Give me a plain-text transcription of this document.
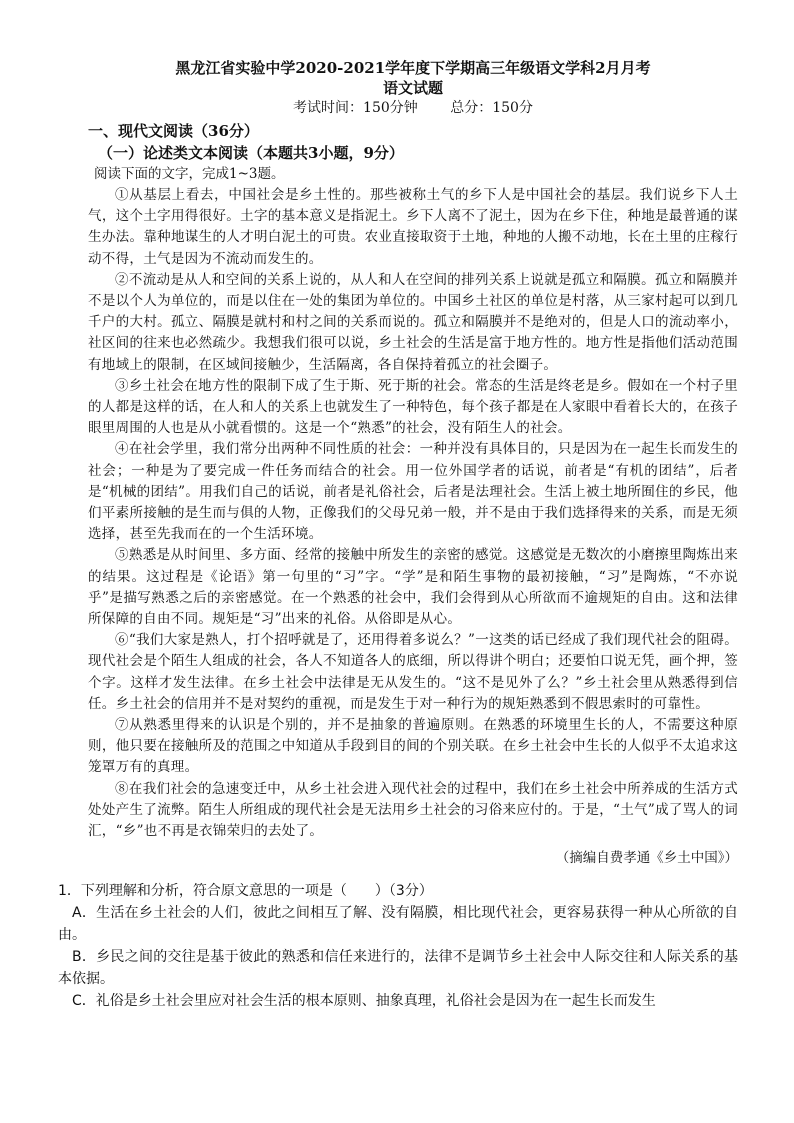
黑龙江省实验中学2020-2021学年度下学期高三年级语文学科2月月考

语文试题

考试时间：150分钟 总分：150分

一、现代文阅读（36分）

（一）论述类文本阅读（本题共3小题，9分）

阅读下面的文字，完成1~3题。

①从基层上看去，中国社会是乡土性的。那些被称土气的乡下人是中国社会的基层。我们说乡下人土气，这个土字用得很好。土字的基本意义是指泥土。乡下人离不了泥土，因为在乡下住，种地是最普通的谋生办法。靠种地谋生的人才明白泥土的可贵。农业直接取资于土地，种地的人搬不动地，长在土里的庄稼行动不得，土气是因为不流动而发生的。

②不流动是从人和空间的关系上说的，从人和人在空间的排列关系上说就是孤立和隔膜。孤立和隔膜并不是以个人为单位的，而是以住在一处的集团为单位的。中国乡土社区的单位是村落，从三家村起可以到几千户的大村。孤立、隔膜是就村和村之间的关系而说的。孤立和隔膜并不是绝对的，但是人口的流动率小，社区间的往来也必然疏少。我想我们很可以说，乡土社会的生活是富于地方性的。地方性是指他们活动范围有地域上的限制，在区域间接触少，生活隔离，各自保持着孤立的社会圈子。

③乡土社会在地方性的限制下成了生于斯、死于斯的社会。常态的生活是终老是乡。假如在一个村子里的人都是这样的话，在人和人的关系上也就发生了一种特色，每个孩子都是在人家眼中看着长大的，在孩子眼里周围的人也是从小就看惯的。这是一个“熟悉”的社会，没有陌生人的社会。

④在社会学里，我们常分出两种不同性质的社会：一种并没有具体目的，只是因为在一起生长而发生的社会；一种是为了要完成一件任务而结合的社会。用一位外国学者的话说，前者是“有机的团结”，后者是“机械的团结”。用我们自己的话说，前者是礼俗社会，后者是法理社会。生活上被土地所囿住的乡民，他们平素所接触的是生而与俱的人物，正像我们的父母兄弟一般，并不是由于我们选择得来的关系，而是无须选择，甚至先我而在的一个生活环境。

⑤熟悉是从时间里、多方面、经常的接触中所发生的亲密的感觉。这感觉是无数次的小磨擦里陶炼出来的结果。这过程是《论语》第一句里的“习”字。“学”是和陌生事物的最初接触，“习”是陶炼，“不亦说乎”是描写熟悉之后的亲密感觉。在一个熟悉的社会中，我们会得到从心所欲而不逾规矩的自由。这和法律所保障的自由不同。规矩是“习”出来的礼俗。从俗即是从心。

⑥“我们大家是熟人，打个招呼就是了，还用得着多说么？”一这类的话已经成了我们现代社会的阻碍。现代社会是个陌生人组成的社会，各人不知道各人的底细，所以得讲个明白；还要怕口说无凭，画个押，签个字。这样才发生法律。在乡土社会中法律是无从发生的。“这不是见外了么？”乡土社会里从熟悉得到信任。乡土社会的信用并不是对契约的重视，而是发生于对一种行为的规矩熟悉到不假思索时的可靠性。

⑦从熟悉里得来的认识是个别的，并不是抽象的普遍原则。在熟悉的环境里生长的人，不需要这种原则，他只要在接触所及的范围之中知道从手段到目的间的个别关联。在乡土社会中生长的人似乎不太追求这笼罩万有的真理。

⑧在我们社会的急速变迁中，从乡土社会进入现代社会的过程中，我们在乡土社会中所养成的生活方式处处产生了流弊。陌生人所组成的现代社会是无法用乡土社会的习俗来应付的。于是，“土气”成了骂人的词汇，“乡”也不再是衣锦荣归的去处了。

（摘编自费孝通《乡土中国》）

1．下列理解和分析，符合原文意思的一项是（　　）（3分）

A．生活在乡土社会的人们，彼此之间相互了解、没有隔膜，相比现代社会，更容易获得一种从心所欲的自由。

B．乡民之间的交往是基于彼此的熟悉和信任来进行的，法律不是调节乡土社会中人际交往和人际关系的基本依据。

C．礼俗是乡土社会里应对社会生活的根本原则、抽象真理，礼俗社会是因为在一起生长而发生
